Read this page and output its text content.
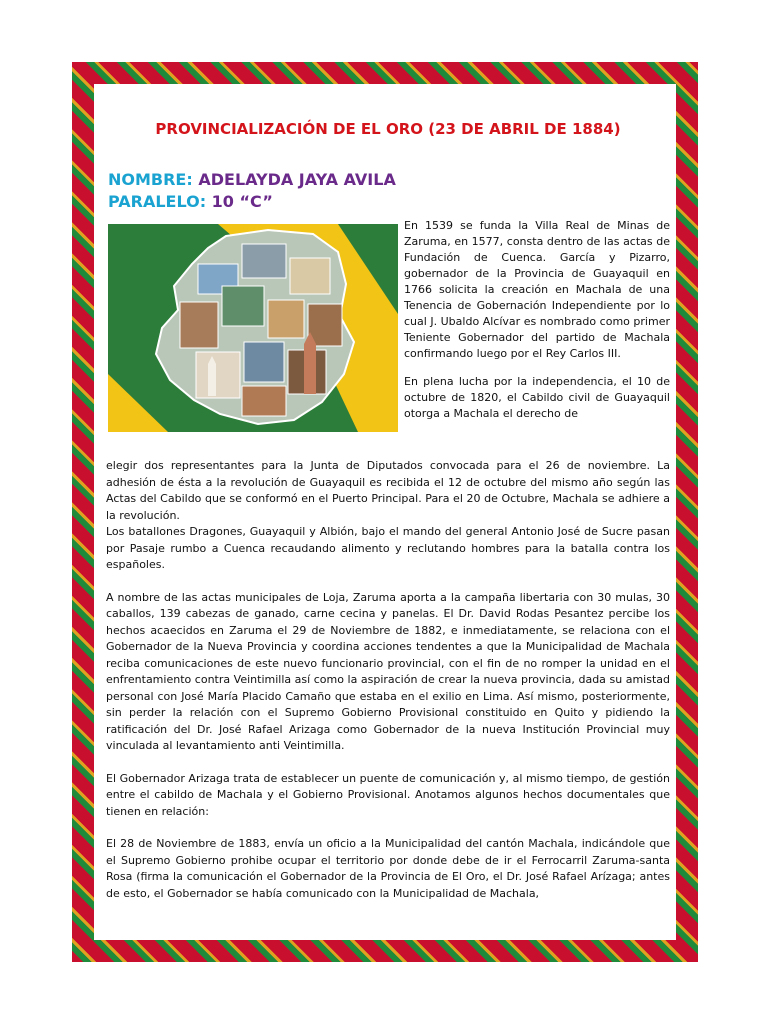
PROVINCIALIZACIÓN DE EL ORO (23 DE ABRIL DE 1884)
NOMBRE: ADELAYDA JAYA AVILA
PARALELO: 10 “C”

En 1539 se funda la Villa Real de Minas de Zaruma, en 1577, consta dentro de las actas de Fundación de Cuenca. García y Pizarro, gobernador de la Provincia de Guayaquil en 1766 solicita la creación en Machala de una Tenencia de Gobernación Independiente por lo cual J. Ubaldo Alcívar es nombrado como primer Teniente Gobernador del partido de Machala confirmando luego por el Rey Carlos III.

En plena lucha por la independencia, el 10 de octubre de 1820, el Cabildo civil de Guayaquil otorga a Machala el derecho de

elegir dos representantes para la Junta de Diputados convocada para el 26 de noviembre. La adhesión de ésta a la revolución de Guayaquil es recibida el 12 de octubre del mismo año según las Actas del Cabildo que se conformó en el Puerto Principal. Para el 20 de Octubre, Machala se adhiere a la revolución.

Los batallones Dragones, Guayaquil y Albión, bajo el mando del general Antonio José de Sucre pasan por Pasaje rumbo a Cuenca recaudando alimento y reclutando hombres para la batalla contra los españoles.

A nombre de las actas municipales de Loja, Zaruma aporta a la campaña libertaria con 30 mulas, 30 caballos, 139 cabezas de ganado, carne cecina y panelas. El Dr. David Rodas Pesantez percibe los hechos acaecidos en Zaruma el 29 de Noviembre de 1882, e inmediatamente, se relaciona con el Gobernador de la Nueva Provincia y coordina acciones tendentes a que la Municipalidad de Machala reciba comunicaciones de este nuevo funcionario provincial, con el fin de no romper la unidad en el enfrentamiento contra Veintimilla así como la aspiración de crear la nueva provincia, dada su amistad personal con José María Placido Camaño que estaba en el exilio en Lima. Así mismo, posteriormente, sin perder la relación con el Supremo Gobierno Provisional constituido en Quito y pidiendo la ratificación del Dr. José Rafael Arizaga como Gobernador de la nueva Institución Provincial muy vinculada al levantamiento anti Veintimilla.

El Gobernador Arizaga trata de establecer un puente de comunicación y, al mismo tiempo, de gestión entre el cabildo de Machala y el Gobierno Provisional. Anotamos algunos hechos documentales que tienen en relación:

El 28 de Noviembre de 1883, envía un oficio a la Municipalidad del cantón Machala, indicándole que el Supremo Gobierno prohibe ocupar el territorio por donde debe de ir el Ferrocarril Zaruma-santa Rosa (firma la comunicación el Gobernador de la Provincia de El Oro, el Dr. José Rafael Arízaga; antes de esto, el Gobernador se había comunicado con la Municipalidad de Machala,
